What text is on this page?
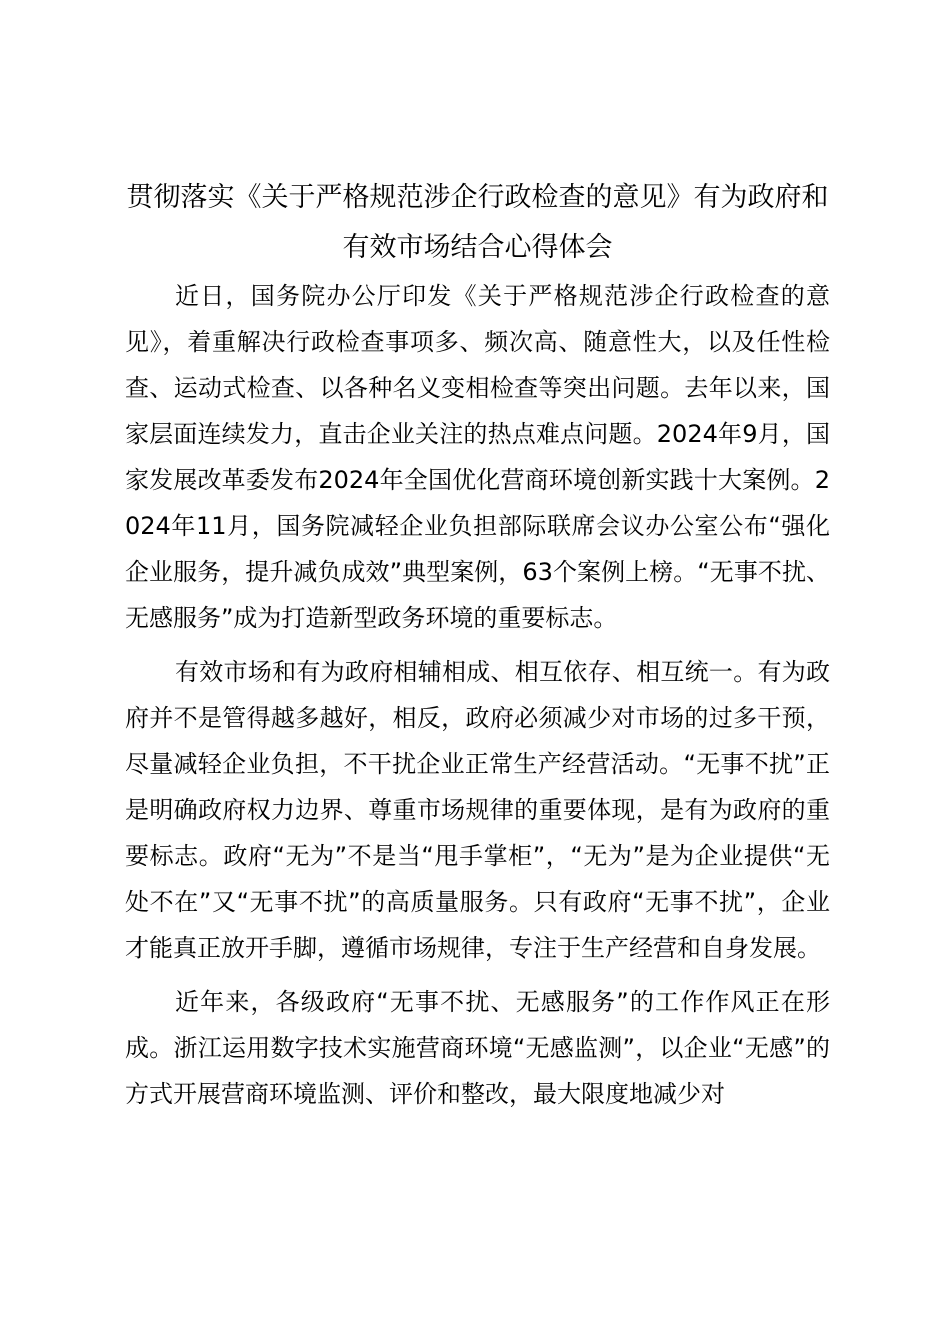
贯彻落实《关于严格规范涉企行政检查的意见》有为政府和有效市场结合心得体会

近日，国务院办公厅印发《关于严格规范涉企行政检查的意见》，着重解决行政检查事项多、频次高、随意性大，以及任性检查、运动式检查、以各种名义变相检查等突出问题。去年以来，国家层面连续发力，直击企业关注的热点难点问题。2024年9月，国家发展改革委发布2024年全国优化营商环境创新实践十大案例。2024年11月，国务院减轻企业负担部际联席会议办公室公布“强化企业服务，提升减负成效”典型案例，63个案例上榜。“无事不扰、无感服务”成为打造新型政务环境的重要标志。

有效市场和有为政府相辅相成、相互依存、相互统一。有为政府并不是管得越多越好，相反，政府必须减少对市场的过多干预，尽量减轻企业负担，不干扰企业正常生产经营活动。“无事不扰”正是明确政府权力边界、尊重市场规律的重要体现，是有为政府的重要标志。政府“无为”不是当“甩手掌柜”，“无为”是为企业提供“无处不在”又“无事不扰”的高质量服务。只有政府“无事不扰”，企业才能真正放开手脚，遵循市场规律，专注于生产经营和自身发展。

近年来，各级政府“无事不扰、无感服务”的工作作风正在形成。浙江运用数字技术实施营商环境“无感监测”，以企业“无感”的方式开展营商环境监测、评价和整改，最大限度地减少对
